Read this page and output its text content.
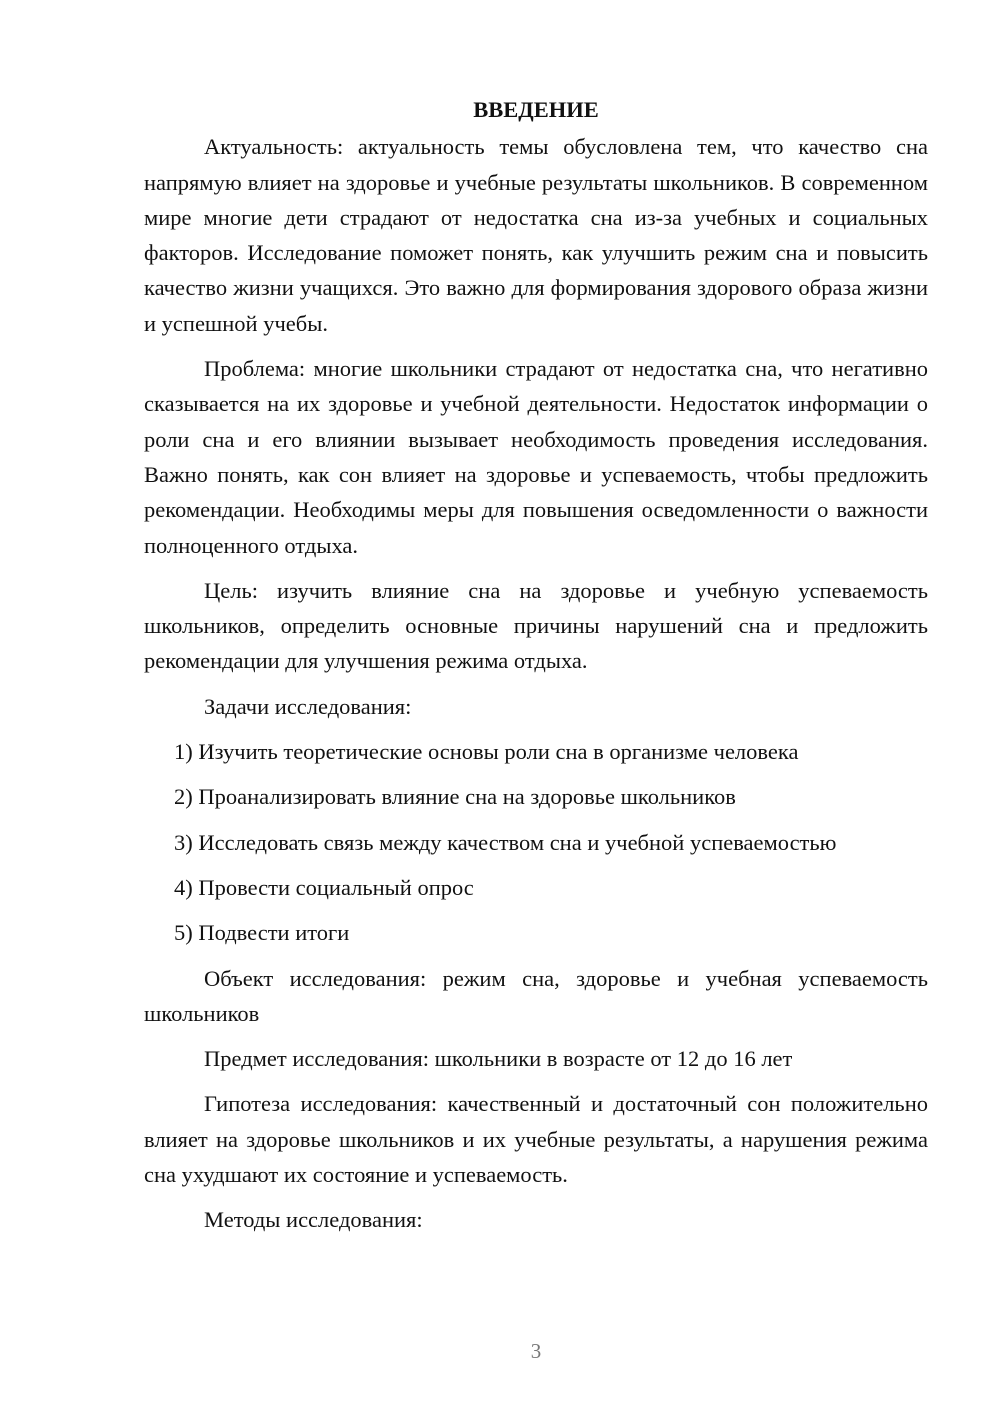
ВВЕДЕНИЕ

Актуальность: актуальность темы обусловлена тем, что качество сна напрямую влияет на здоровье и учебные результаты школьников. В современном мире многие дети страдают от недостатка сна из-за учебных и социальных факторов. Исследование поможет понять, как улучшить режим сна и повысить качество жизни учащихся. Это важно для формирования здорового образа жизни и успешной учебы.

Проблема: многие школьники страдают от недостатка сна, что негативно сказывается на их здоровье и учебной деятельности. Недостаток информации о роли сна и его влиянии вызывает необходимость проведения исследования. Важно понять, как сон влияет на здоровье и успеваемость, чтобы предложить рекомендации. Необходимы меры для повышения осведомленности о важности полноценного отдыха.

Цель: изучить влияние сна на здоровье и учебную успеваемость школьников, определить основные причины нарушений сна и предложить рекомендации для улучшения режима отдыха.

Задачи исследования:
1) Изучить теоретические основы роли сна в организме человека
2) Проанализировать влияние сна на здоровье школьников
3) Исследовать связь между качеством сна и учебной успеваемостью
4) Провести социальный опрос
5) Подвести итоги

Объект исследования: режим сна, здоровье и учебная успеваемость школьников

Предмет исследования: школьники в возрасте от 12 до 16 лет

Гипотеза исследования: качественный и достаточный сон положительно влияет на здоровье школьников и их учебные результаты, а нарушения режима сна ухудшают их состояние и успеваемость.

Методы исследования:

3
